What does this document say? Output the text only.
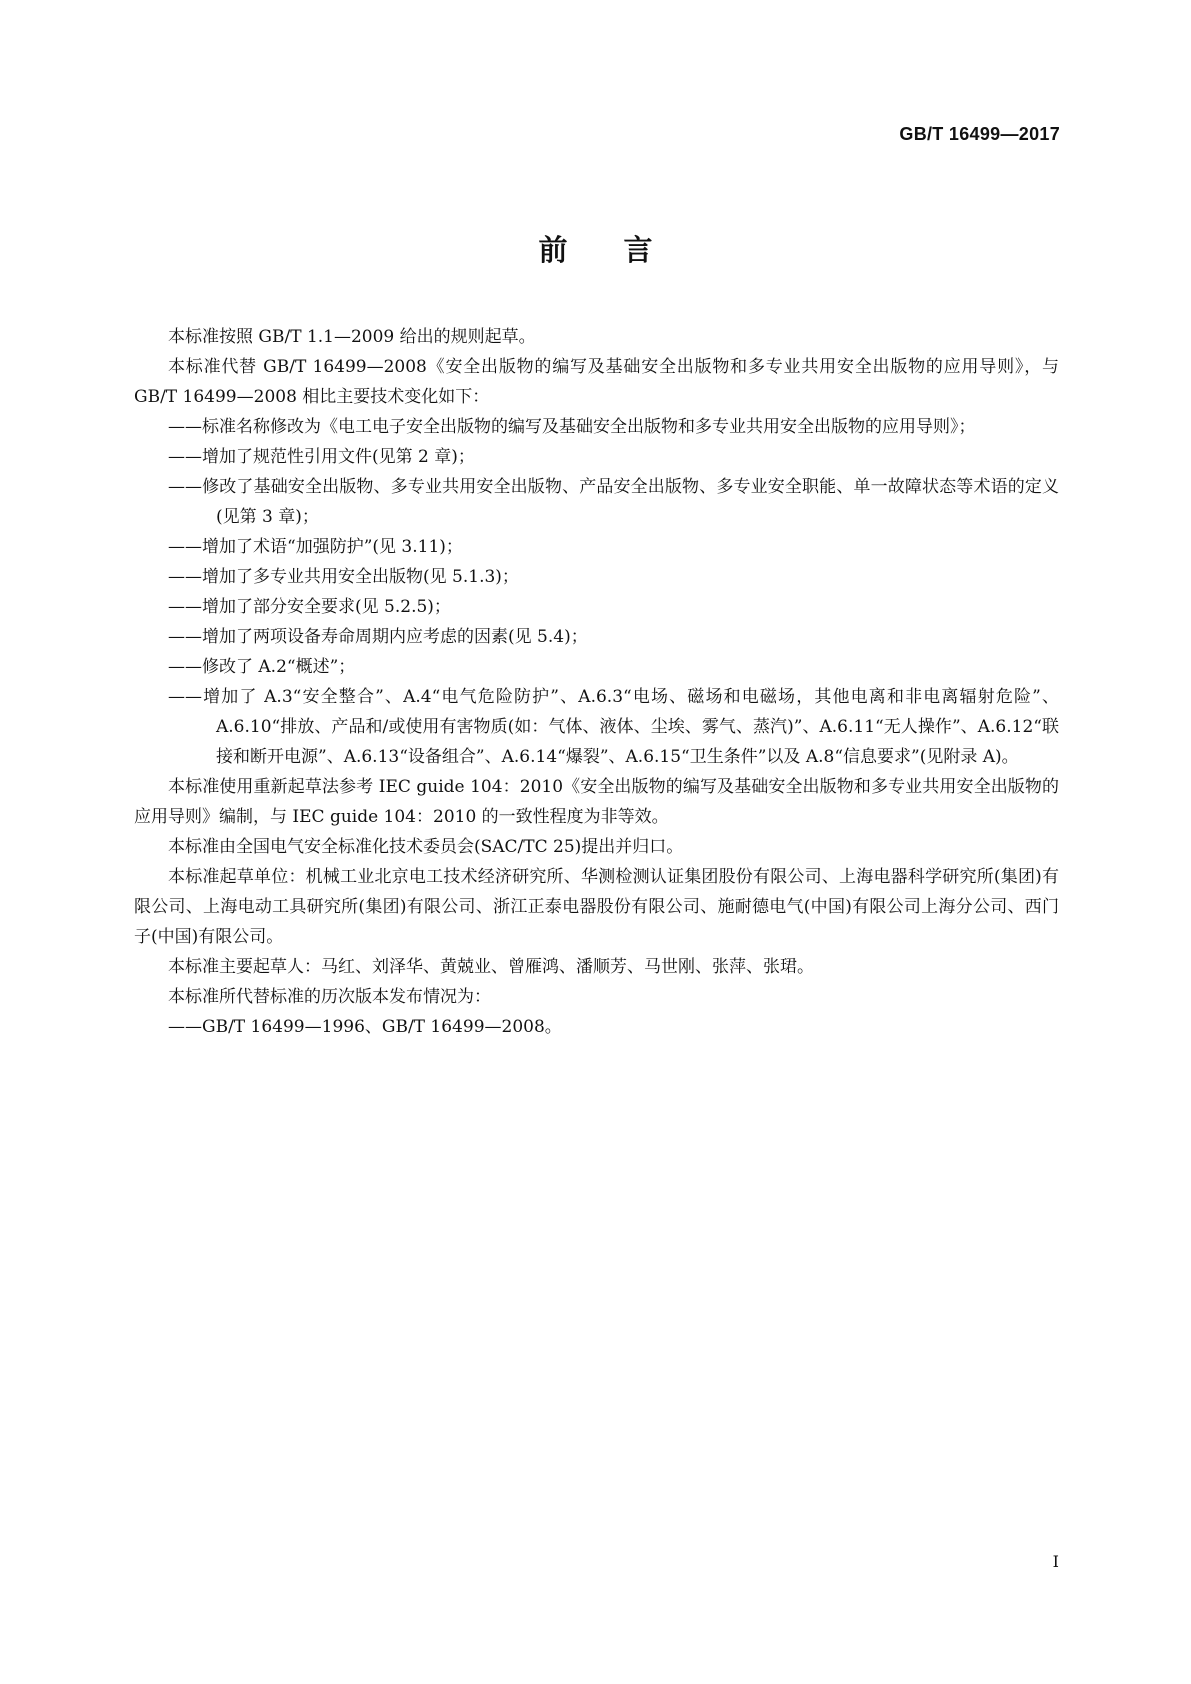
GB/T 16499—2017
前言

本标准按照 GB/T 1.1—2009 给出的规则起草。

本标准代替 GB/T 16499—2008《安全出版物的编写及基础安全出版物和多专业共用安全出版物的应用导则》，与 GB/T 16499—2008 相比主要技术变化如下：

——标准名称修改为《电工电子安全出版物的编写及基础安全出版物和多专业共用安全出版物的应用导则》；

——增加了规范性引用文件(见第 2 章)；

——修改了基础安全出版物、多专业共用安全出版物、产品安全出版物、多专业安全职能、单一故障状态等术语的定义(见第 3 章)；

——增加了术语“加强防护”(见 3.11)；

——增加了多专业共用安全出版物(见 5.1.3)；

——增加了部分安全要求(见 5.2.5)；

——增加了两项设备寿命周期内应考虑的因素(见 5.4)；

——修改了 A.2“概述”；

——增加了 A.3“安全整合”、A.4“电气危险防护”、A.6.3“电场、磁场和电磁场，其他电离和非电离辐射危险”、A.6.10“排放、产品和/或使用有害物质(如：气体、液体、尘埃、雾气、蒸汽)”、A.6.11“无人操作”、A.6.12“联接和断开电源”、A.6.13“设备组合”、A.6.14“爆裂”、A.6.15“卫生条件”以及 A.8“信息要求”(见附录 A)。

本标准使用重新起草法参考 IEC guide 104：2010《安全出版物的编写及基础安全出版物和多专业共用安全出版物的应用导则》编制，与 IEC guide 104：2010 的一致性程度为非等效。

本标准由全国电气安全标准化技术委员会(SAC/TC 25)提出并归口。

本标准起草单位：机械工业北京电工技术经济研究所、华测检测认证集团股份有限公司、上海电器科学研究所(集团)有限公司、上海电动工具研究所(集团)有限公司、浙江正泰电器股份有限公司、施耐德电气(中国)有限公司上海分公司、西门子(中国)有限公司。

本标准主要起草人：马红、刘泽华、黄兢业、曾雁鸿、潘顺芳、马世刚、张萍、张珺。

本标准所代替标准的历次版本发布情况为：

——GB/T 16499—1996、GB/T 16499—2008。

I
